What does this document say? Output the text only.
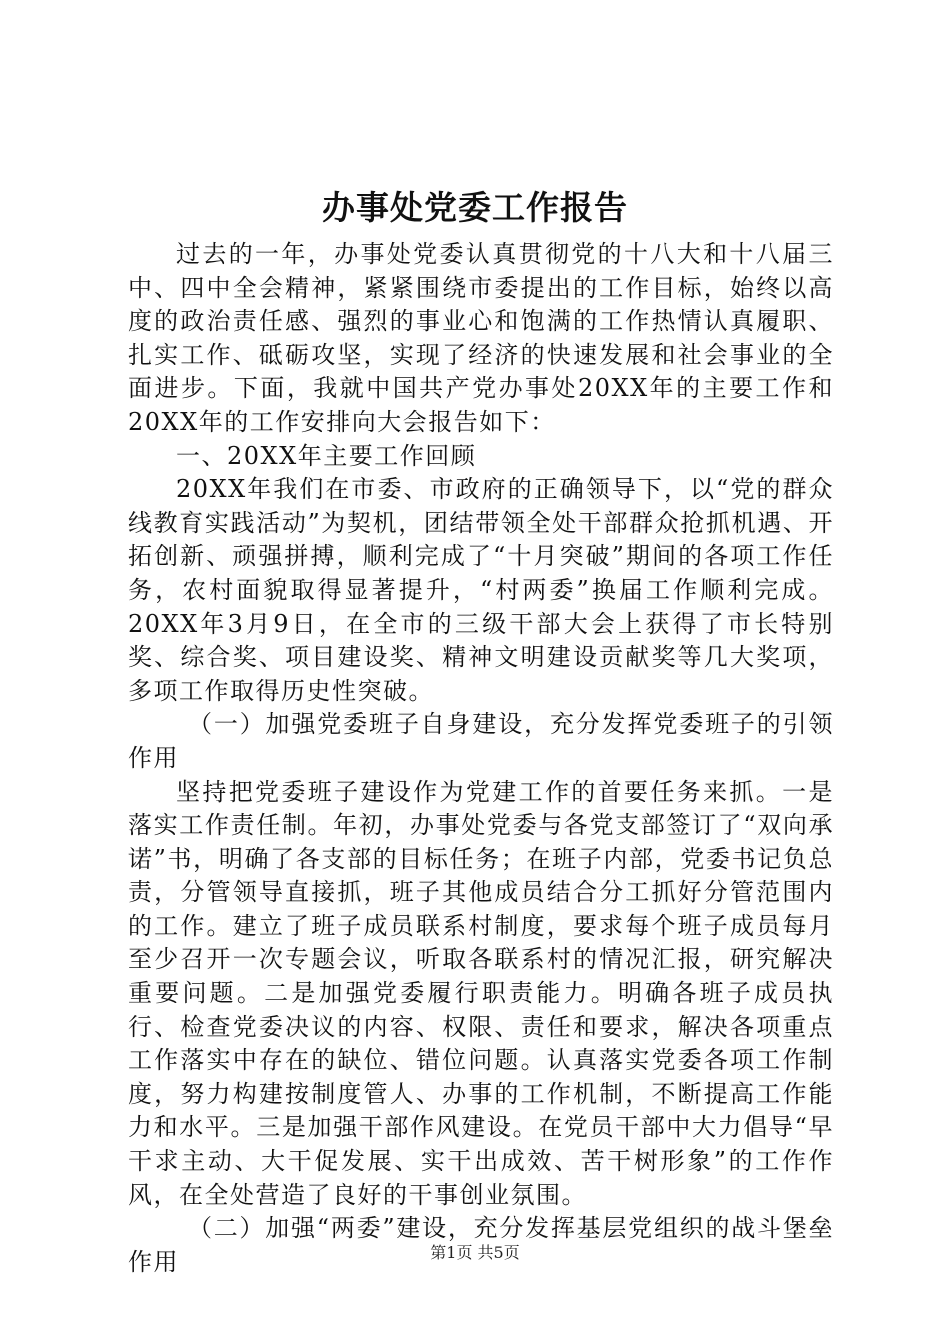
办事处党委工作报告

过去的一年，办事处党委认真贯彻党的十八大和十八届三中、四中全会精神，紧紧围绕市委提出的工作目标，始终以高度的政治责任感、强烈的事业心和饱满的工作热情认真履职、扎实工作、砥砺攻坚，实现了经济的快速发展和社会事业的全面进步。下面，我就中国共产党办事处20XX年的主要工作和20XX年的工作安排向大会报告如下：

一、20XX年主要工作回顾

20XX年我们在市委、市政府的正确领导下，以“党的群众线教育实践活动”为契机，团结带领全处干部群众抢抓机遇、开拓创新、顽强拼搏，顺利完成了“十月突破”期间的各项工作任务，农村面貌取得显著提升，“村两委”换届工作顺利完成。20XX年3月9日，在全市的三级干部大会上获得了市长特别奖、综合奖、项目建设奖、精神文明建设贡献奖等几大奖项，多项工作取得历史性突破。

（一）加强党委班子自身建设，充分发挥党委班子的引领作用

坚持把党委班子建设作为党建工作的首要任务来抓。一是落实工作责任制。年初，办事处党委与各党支部签订了“双向承诺”书，明确了各支部的目标任务；在班子内部，党委书记负总责，分管领导直接抓，班子其他成员结合分工抓好分管范围内的工作。建立了班子成员联系村制度，要求每个班子成员每月至少召开一次专题会议，听取各联系村的情况汇报，研究解决重要问题。二是加强党委履行职责能力。明确各班子成员执行、检查党委决议的内容、权限、责任和要求，解决各项重点工作落实中存在的缺位、错位问题。认真落实党委各项工作制度，努力构建按制度管人、办事的工作机制，不断提高工作能力和水平。三是加强干部作风建设。在党员干部中大力倡导“早干求主动、大干促发展、实干出成效、苦干树形象”的工作作风，在全处营造了良好的干事创业氛围。

（二）加强“两委”建设，充分发挥基层党组织的战斗堡垒作用	第1页 共5页
